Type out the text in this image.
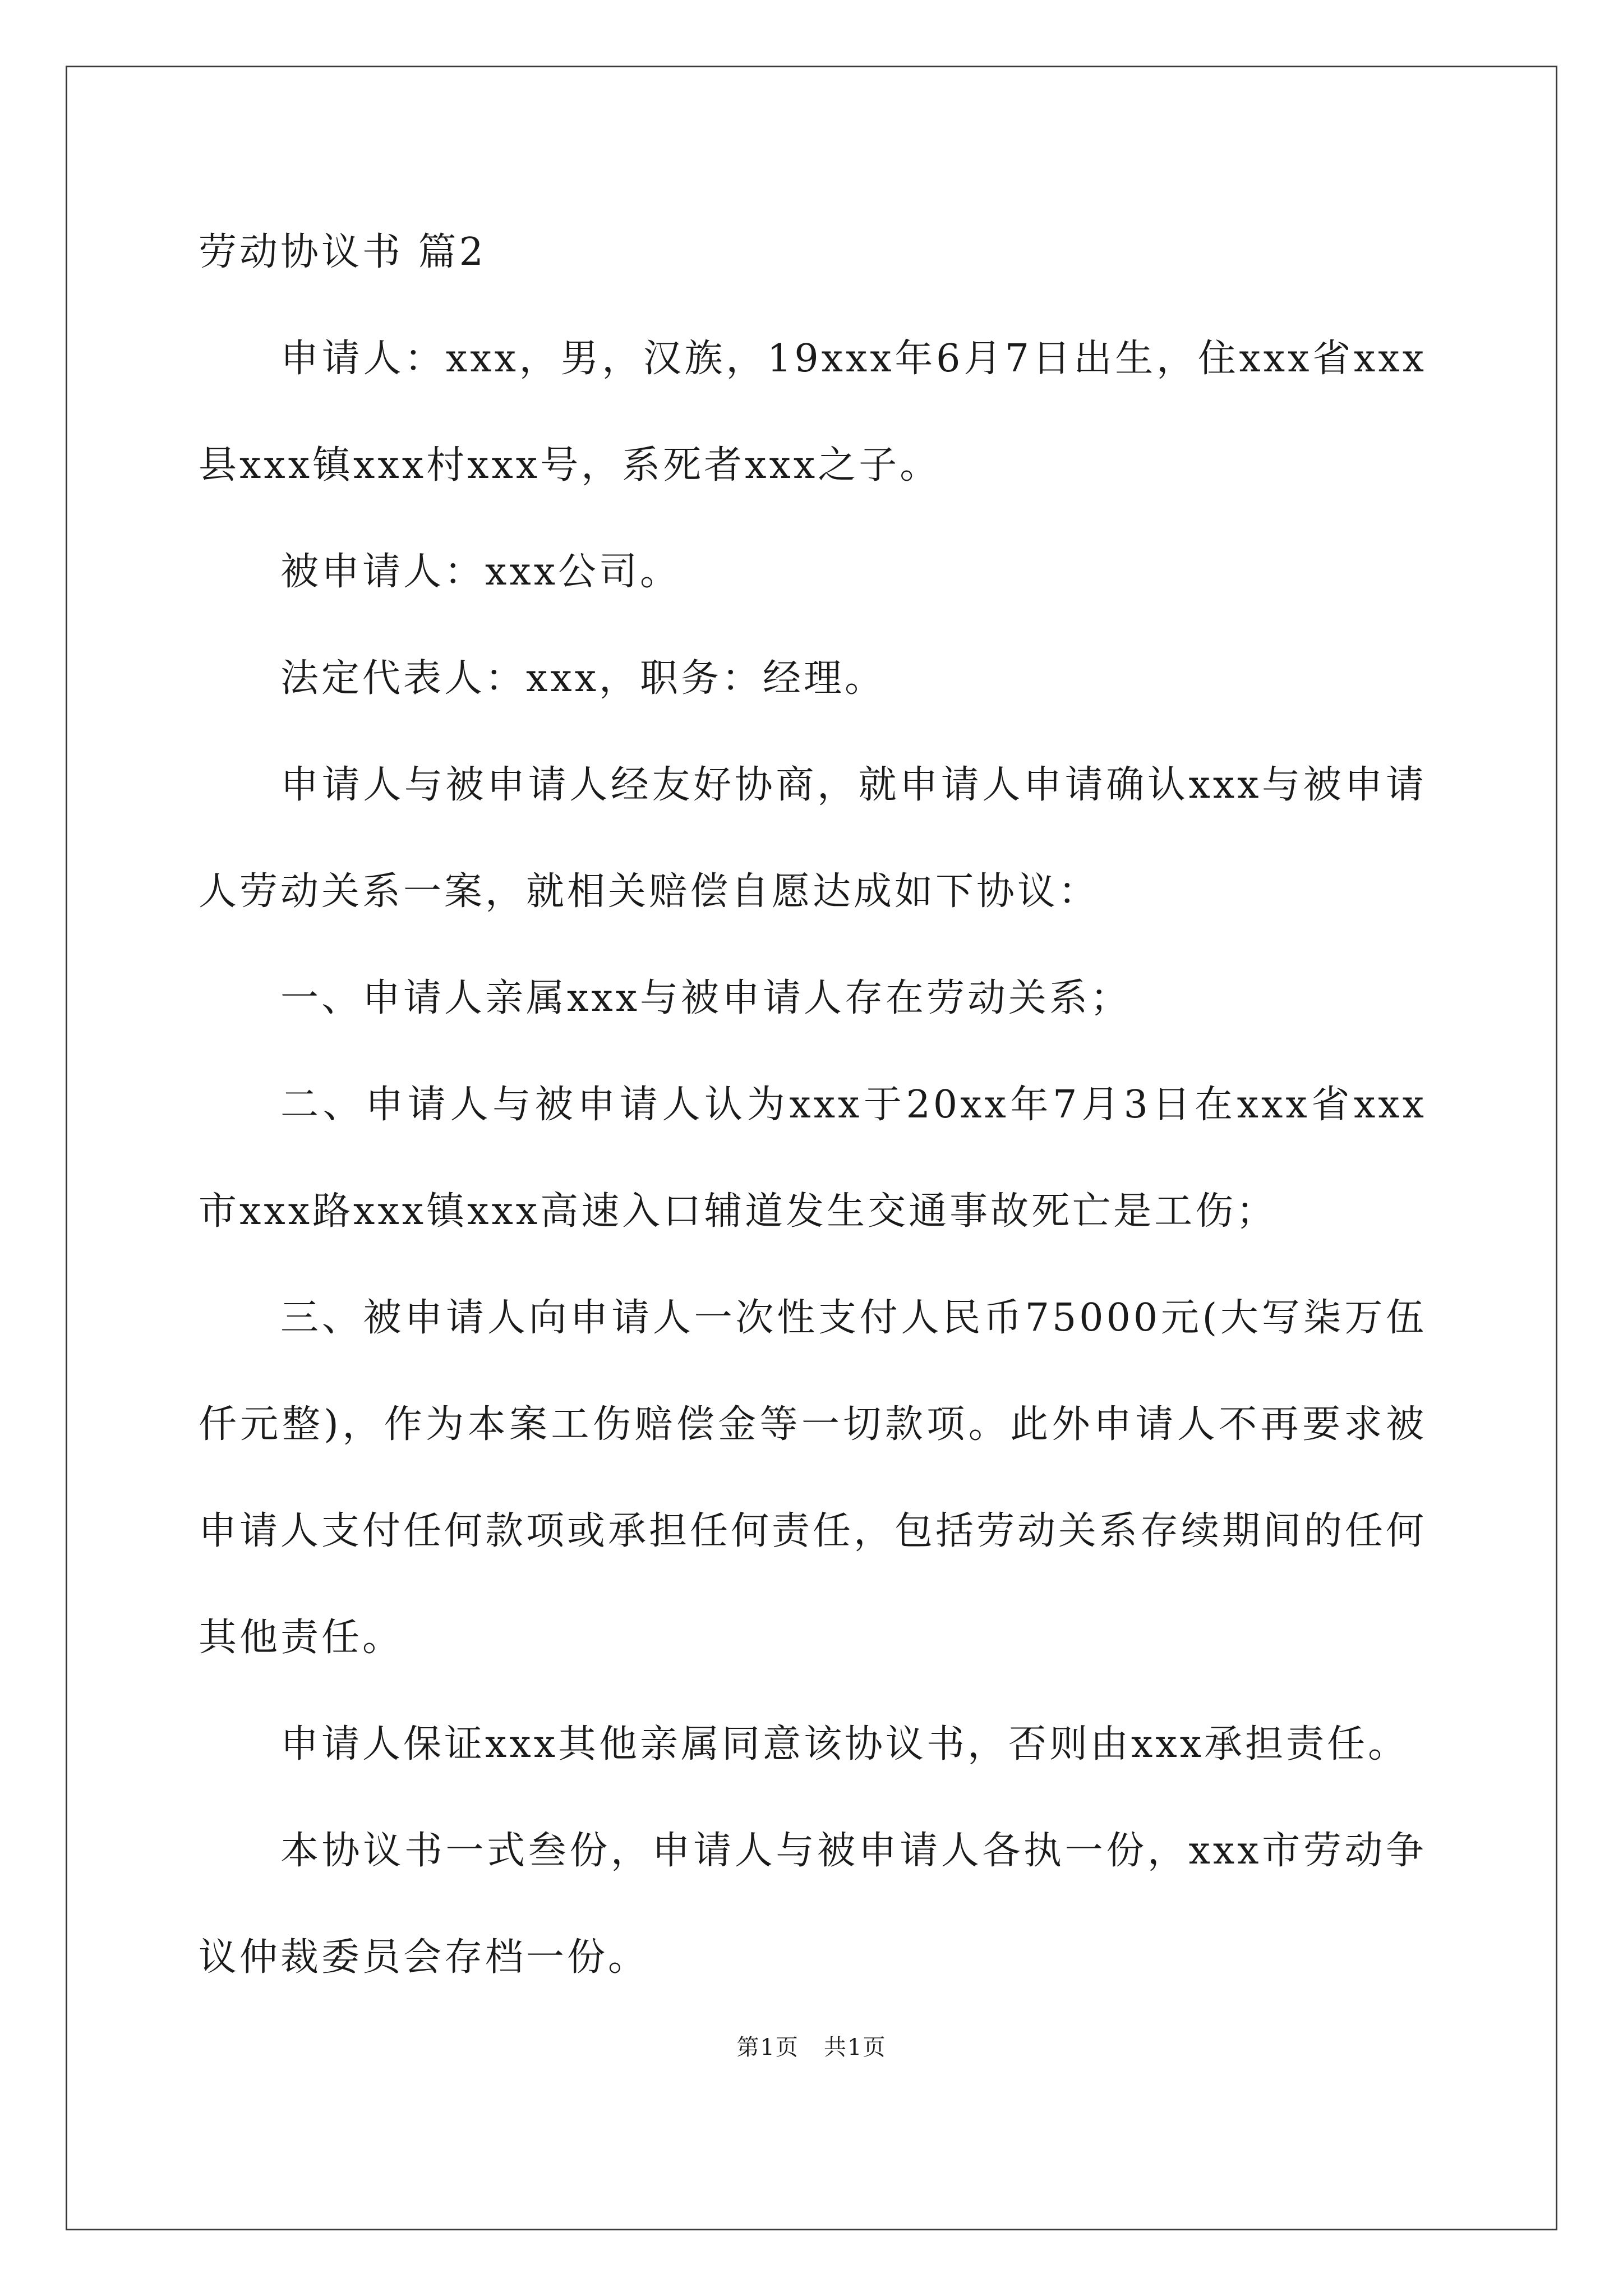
劳动协议书 篇2

申请人：xxx，男，汉族，19xxx年6月7日出生，住xxx省xxx县xxx镇xxx村xxx号，系死者xxx之子。

被申请人：xxx公司。

法定代表人：xxx，职务：经理。

申请人与被申请人经友好协商，就申请人申请确认xxx与被申请人劳动关系一案，就相关赔偿自愿达成如下协议：

一、申请人亲属xxx与被申请人存在劳动关系；

二、申请人与被申请人认为xxx于20xx年7月3日在xxx省xxx市xxx路xxx镇xxx高速入口辅道发生交通事故死亡是工伤；

三、被申请人向申请人一次性支付人民币75000元(大写柒万伍仟元整)，作为本案工伤赔偿金等一切款项。此外申请人不再要求被申请人支付任何款项或承担任何责任，包括劳动关系存续期间的任何其他责任。

申请人保证xxx其他亲属同意该协议书，否则由xxx承担责任。

本协议书一式叁份，申请人与被申请人各执一份，xxx市劳动争议仲裁委员会存档一份。

第1页   共1页
